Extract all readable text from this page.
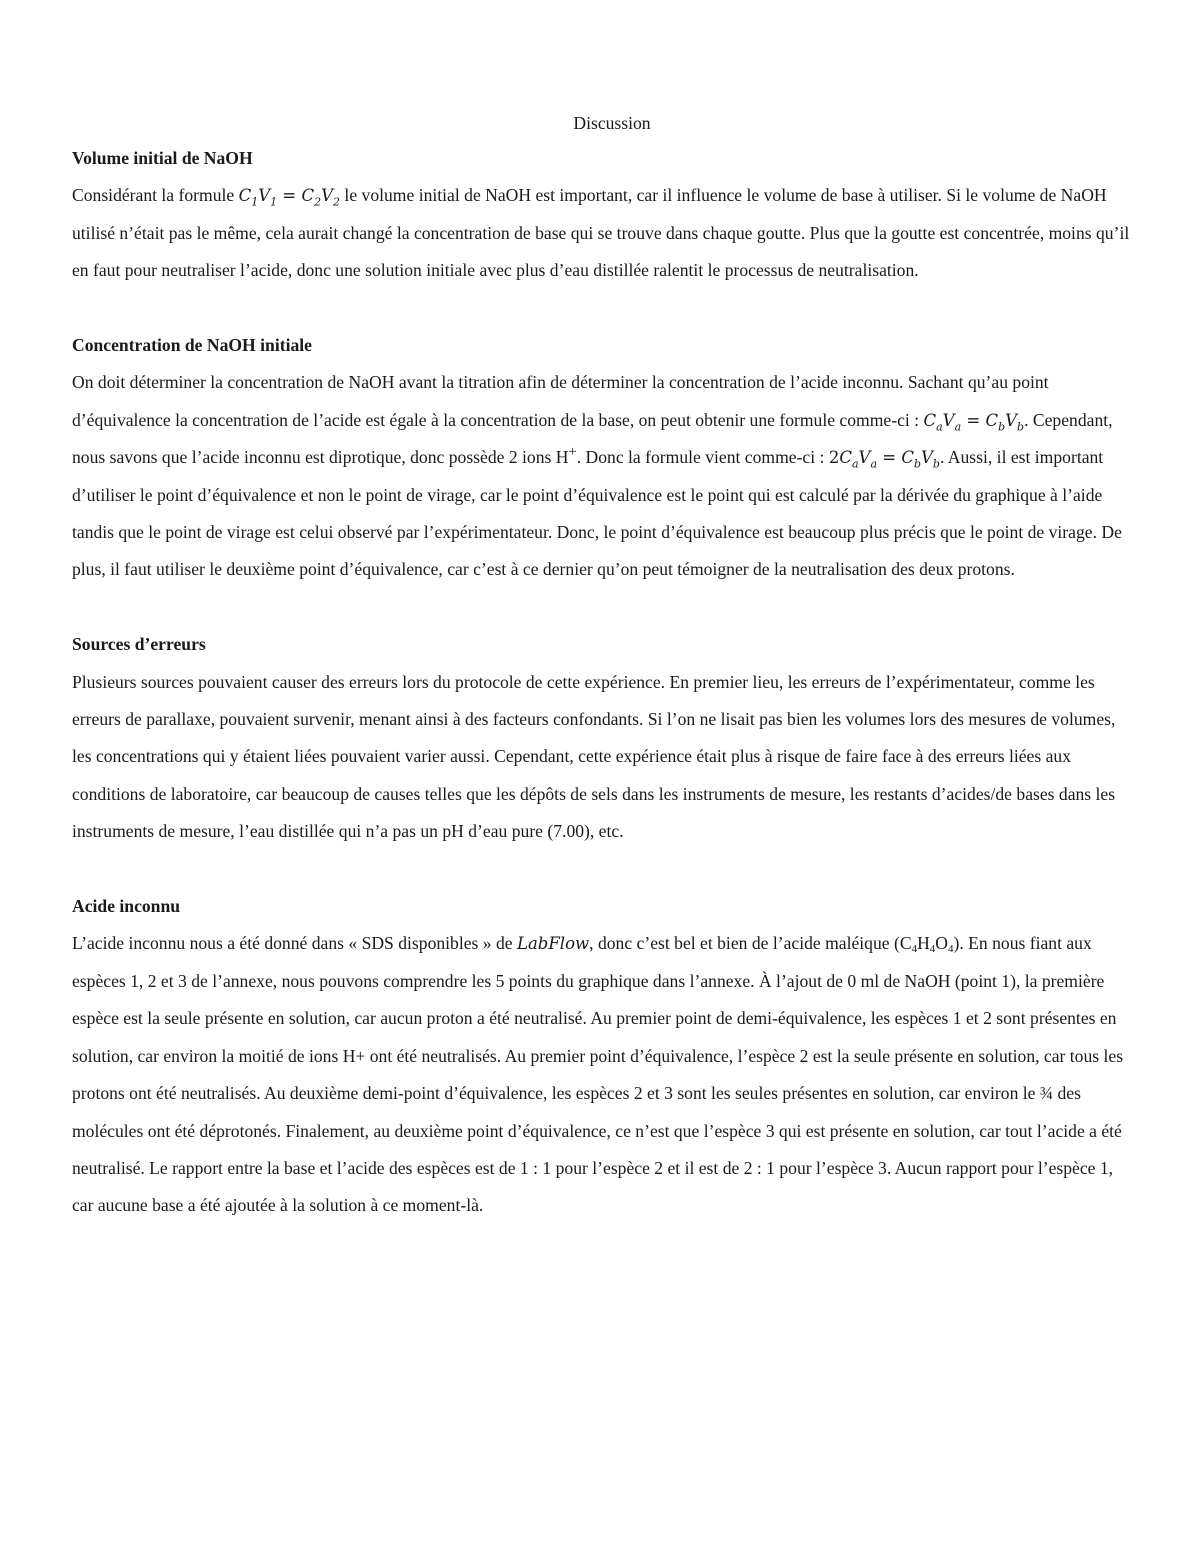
Discussion

Volume initial de NaOH

Considérant la formule $C_1V_1 = C_2V_2$ le volume initial de NaOH est important, car il influence le volume de base à utiliser. Si le volume de NaOH utilisé n’était pas le même, cela aurait changé la concentration de base qui se trouve dans chaque goutte. Plus que la goutte est concentrée, moins qu’il en faut pour neutraliser l’acide, donc une solution initiale avec plus d’eau distillée ralentit le processus de neutralisation.

Concentration de NaOH initiale

On doit déterminer la concentration de NaOH avant la titration afin de déterminer la concentration de l’acide inconnu. Sachant qu’au point d’équivalence la concentration de l’acide est égale à la concentration de la base, on peut obtenir une formule comme-ci : $C_aV_a = C_bV_b$. Cependant, nous savons que l’acide inconnu est diprotique, donc possède 2 ions H+. Donc la formule vient comme-ci : $2C_aV_a = C_bV_b$. Aussi, il est important d’utiliser le point d’équivalence et non le point de virage, car le point d’équivalence est le point qui est calculé par la dérivée du graphique à l’aide tandis que le point de virage est celui observé par l’expérimentateur. Donc, le point d’équivalence est beaucoup plus précis que le point de virage. De plus, il faut utiliser le deuxième point d’équivalence, car c’est à ce dernier qu’on peut témoigner de la neutralisation des deux protons.

Sources d’erreurs

Plusieurs sources pouvaient causer des erreurs lors du protocole de cette expérience. En premier lieu, les erreurs de l’expérimentateur, comme les erreurs de parallaxe, pouvaient survenir, menant ainsi à des facteurs confondants. Si l’on ne lisait pas bien les volumes lors des mesures de volumes, les concentrations qui y étaient liées pouvaient varier aussi. Cependant, cette expérience était plus à risque de faire face à des erreurs liées aux conditions de laboratoire, car beaucoup de causes telles que les dépôts de sels dans les instruments de mesure, les restants d’acides/de bases dans les instruments de mesure, l’eau distillée qui n’a pas un pH d’eau pure (7.00), etc.

Acide inconnu

L’acide inconnu nous a été donné dans « SDS disponibles » de LabFlow, donc c’est bel et bien de l’acide maléique $(C_4H_4O_4)$. En nous fiant aux espèces 1, 2 et 3 de l’annexe, nous pouvons comprendre les 5 points du graphique dans l’annexe. À l’ajout de 0 ml de NaOH (point 1), la première espèce est la seule présente en solution, car aucun proton a été neutralisé. Au premier point de demi-équivalence, les espèces 1 et 2 sont présentes en solution, car environ la moitié de ions H+ ont été neutralisés. Au premier point d’équivalence, l’espèce 2 est la seule présente en solution, car tous les protons ont été neutralisés. Au deuxième demi-point d’équivalence, les espèces 2 et 3 sont les seules présentes en solution, car environ le ¾ des molécules ont été déprotonés. Finalement, au deuxième point d’équivalence, ce n’est que l’espèce 3 qui est présente en solution, car tout l’acide a été neutralisé. Le rapport entre la base et l’acide des espèces est de 1 : 1 pour l’espèce 2 et il est de 2 : 1 pour l’espèce 3. Aucun rapport pour l’espèce 1, car aucune base a été ajoutée à la solution à ce moment-là.
